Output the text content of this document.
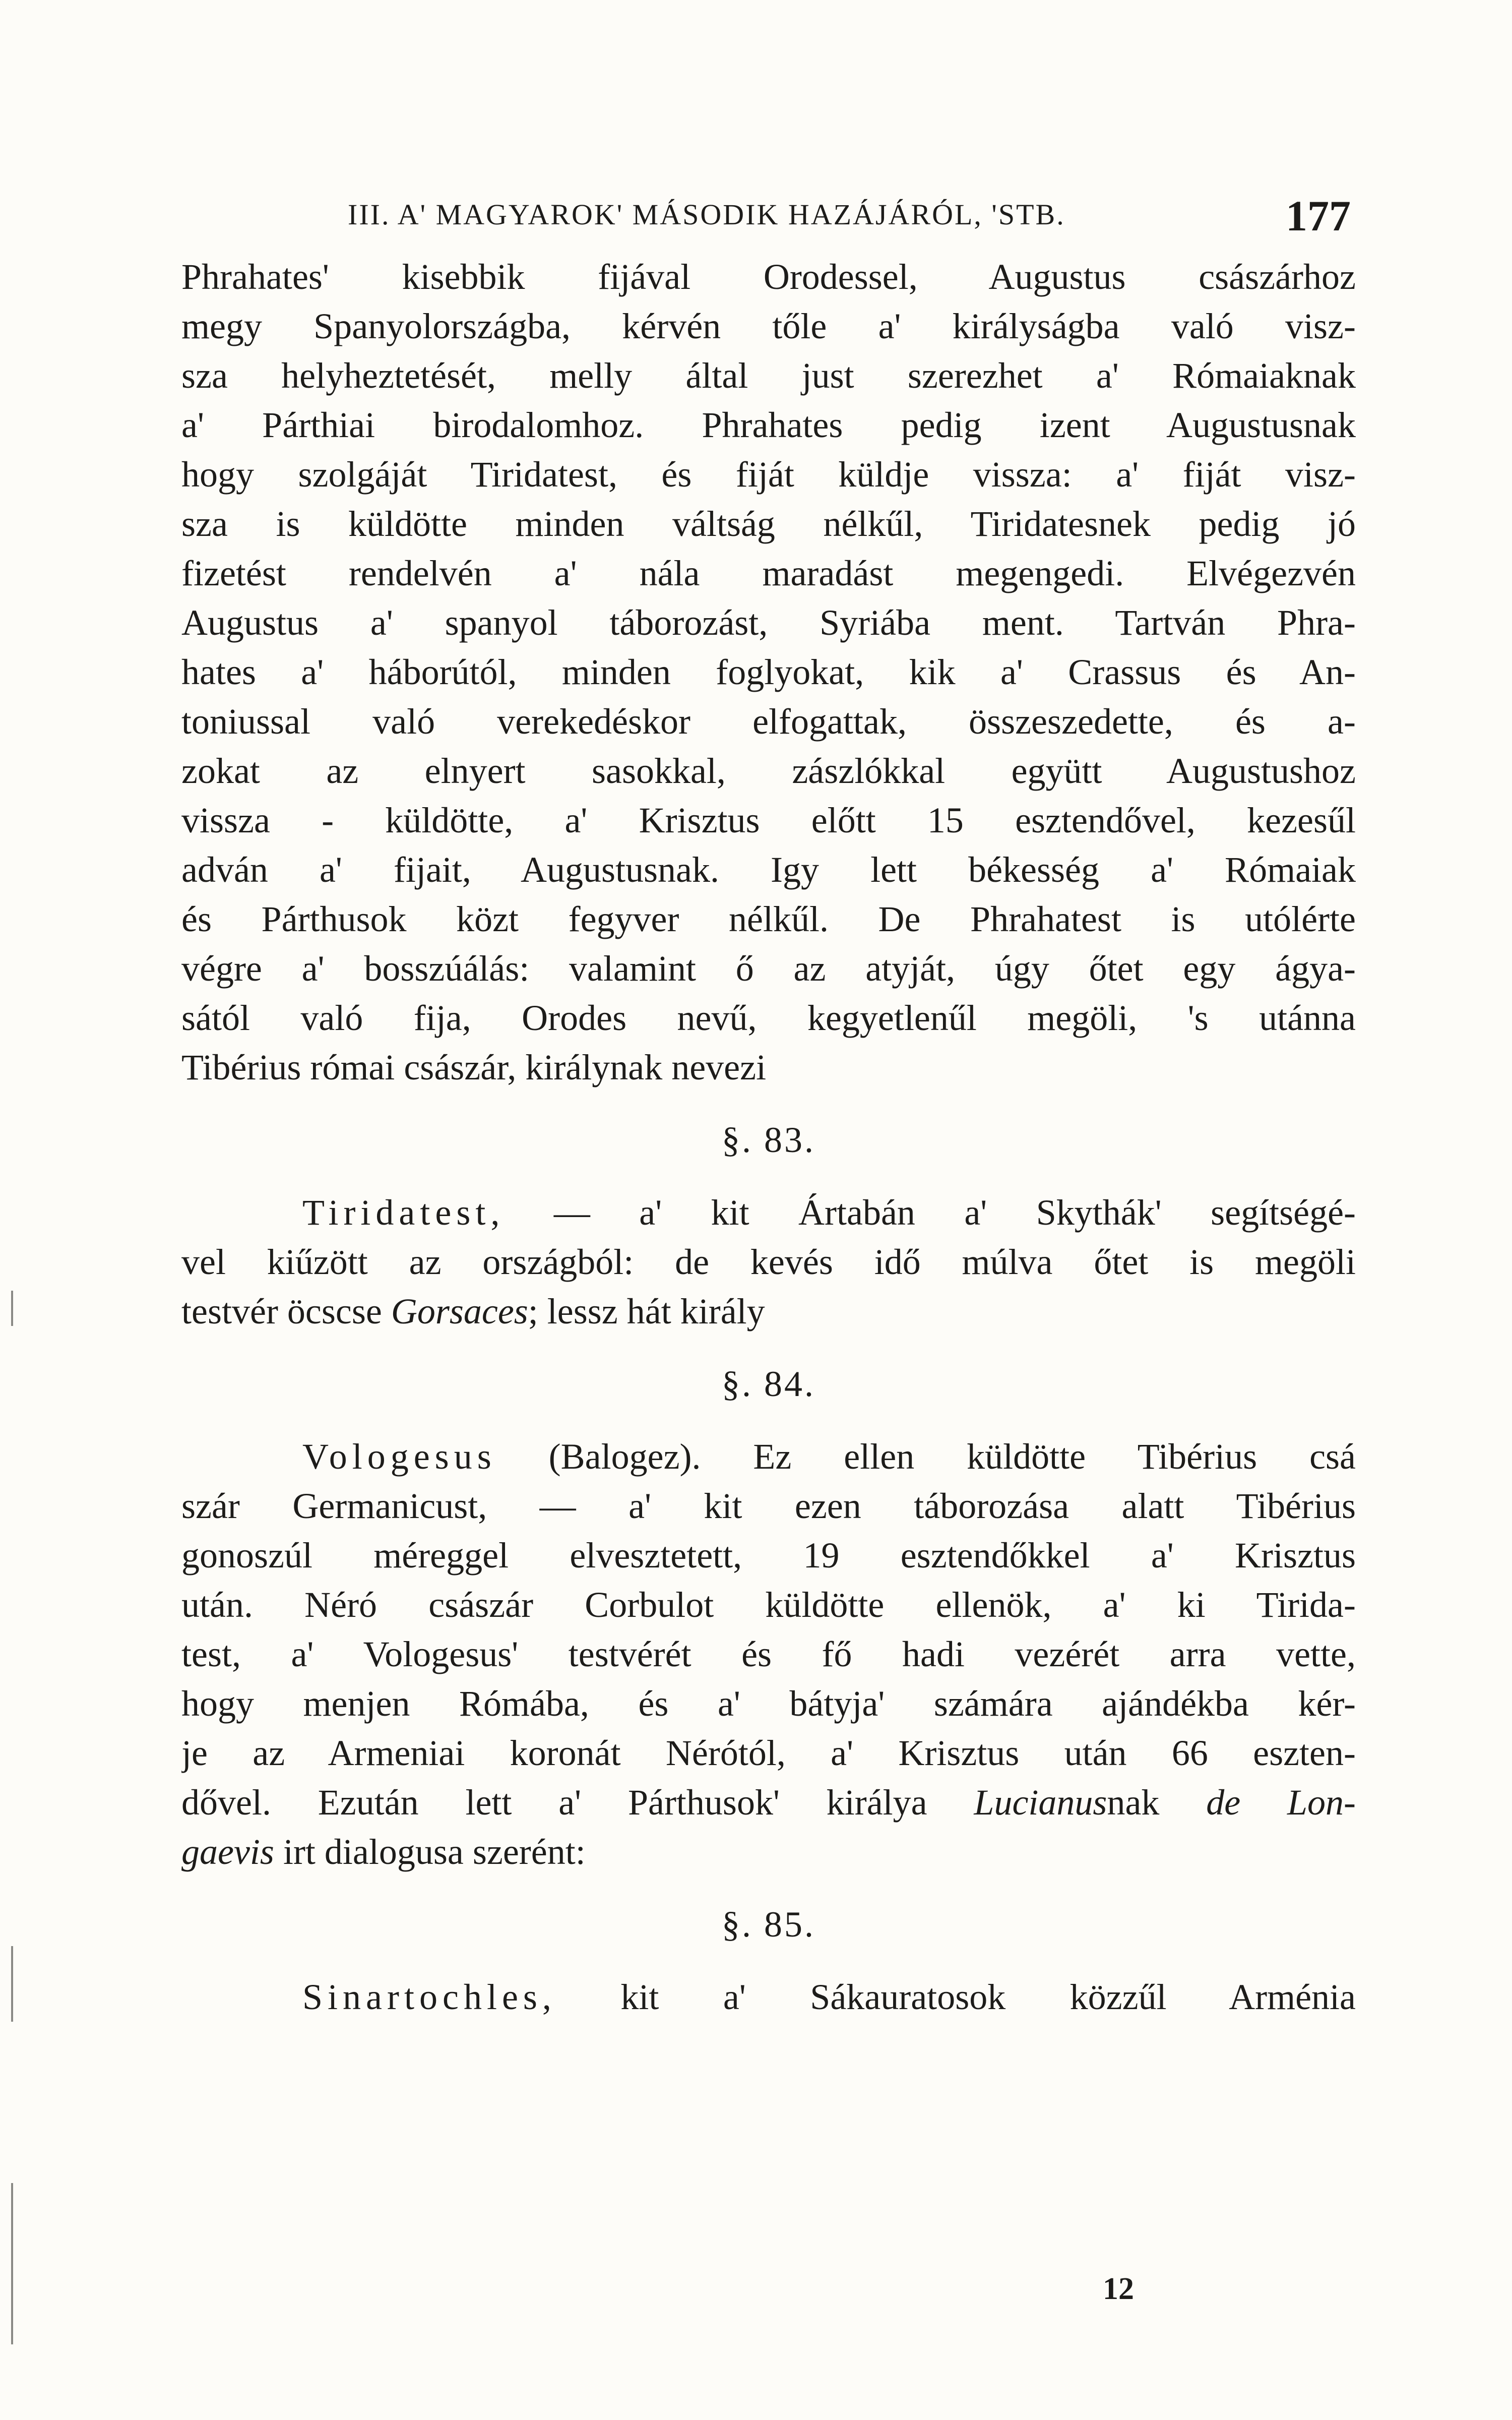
III. A' MAGYAROK' MÁSODIK HAZÁJÁRÓL, 'STB.	177
Phrahates' kisebbik fijával Orodessel, Augustus császárhoz
megy Spanyolországba, kérvén tőle a' királyságba való visz-
sza helyheztetését, melly által just szerezhet a' Rómaiaknak
a' Párthiai birodalomhoz. Phrahates pedig izent Augustusnak
hogy szolgáját Tiridatest, és fiját küldje vissza: a' fiját visz-
sza is küldötte minden váltság nélkűl, Tiridatesnek pedig jó
fizetést rendelvén a' nála maradást megengedi. Elvégezvén
Augustus a' spanyol táborozást, Syriába ment. Tartván Phra-
hates a' háborútól, minden foglyokat, kik a' Crassus és An-
toniussal való verekedéskor elfogattak, összeszedette, és a-
zokat az elnyert sasokkal, zászlókkal együtt Augustushoz
vissza - küldötte, a' Krisztus előtt 15 esztendővel, kezesűl
adván a' fijait, Augustusnak. Igy lett békesség a' Rómaiak
és Párthusok közt fegyver nélkűl. De Phrahatest is utólérte
végre a' bosszúálás: valamint ő az atyját, úgy őtet egy ágya-
sától való fija, Orodes nevű, kegyetlenűl megöli, 's utánna
Tibérius római császár, királynak nevezi
§. 83.
Tiridatest, — a' kit Ártabán a' Skythák' segítségé-
vel kiűzött az országból: de kevés idő múlva őtet is megöli
testvér öcscse Gorsaces; lessz hát király
§. 84.
Vologesus (Balogez). Ez ellen küldötte Tibérius csá
szár Germanicust, — a' kit ezen táborozása alatt Tibérius
gonoszúl méreggel elvesztetett, 19 esztendőkkel a' Krisztus
után. Néró császár Corbulot küldötte ellenök, a' ki Tirida-
test, a' Vologesus' testvérét és fő hadi vezérét arra vette,
hogy menjen Rómába, és a' bátyja' számára ajándékba kér-
je az Armeniai koronát Nérótól, a' Krisztus után 66 eszten-
dővel. Ezután lett a' Párthusok' királya Lucianusnak de Lon-
gaevis irt dialogusa szerént:
§. 85.
Sinartochles, kit a' Sákauratosok közzűl Arménia
12
